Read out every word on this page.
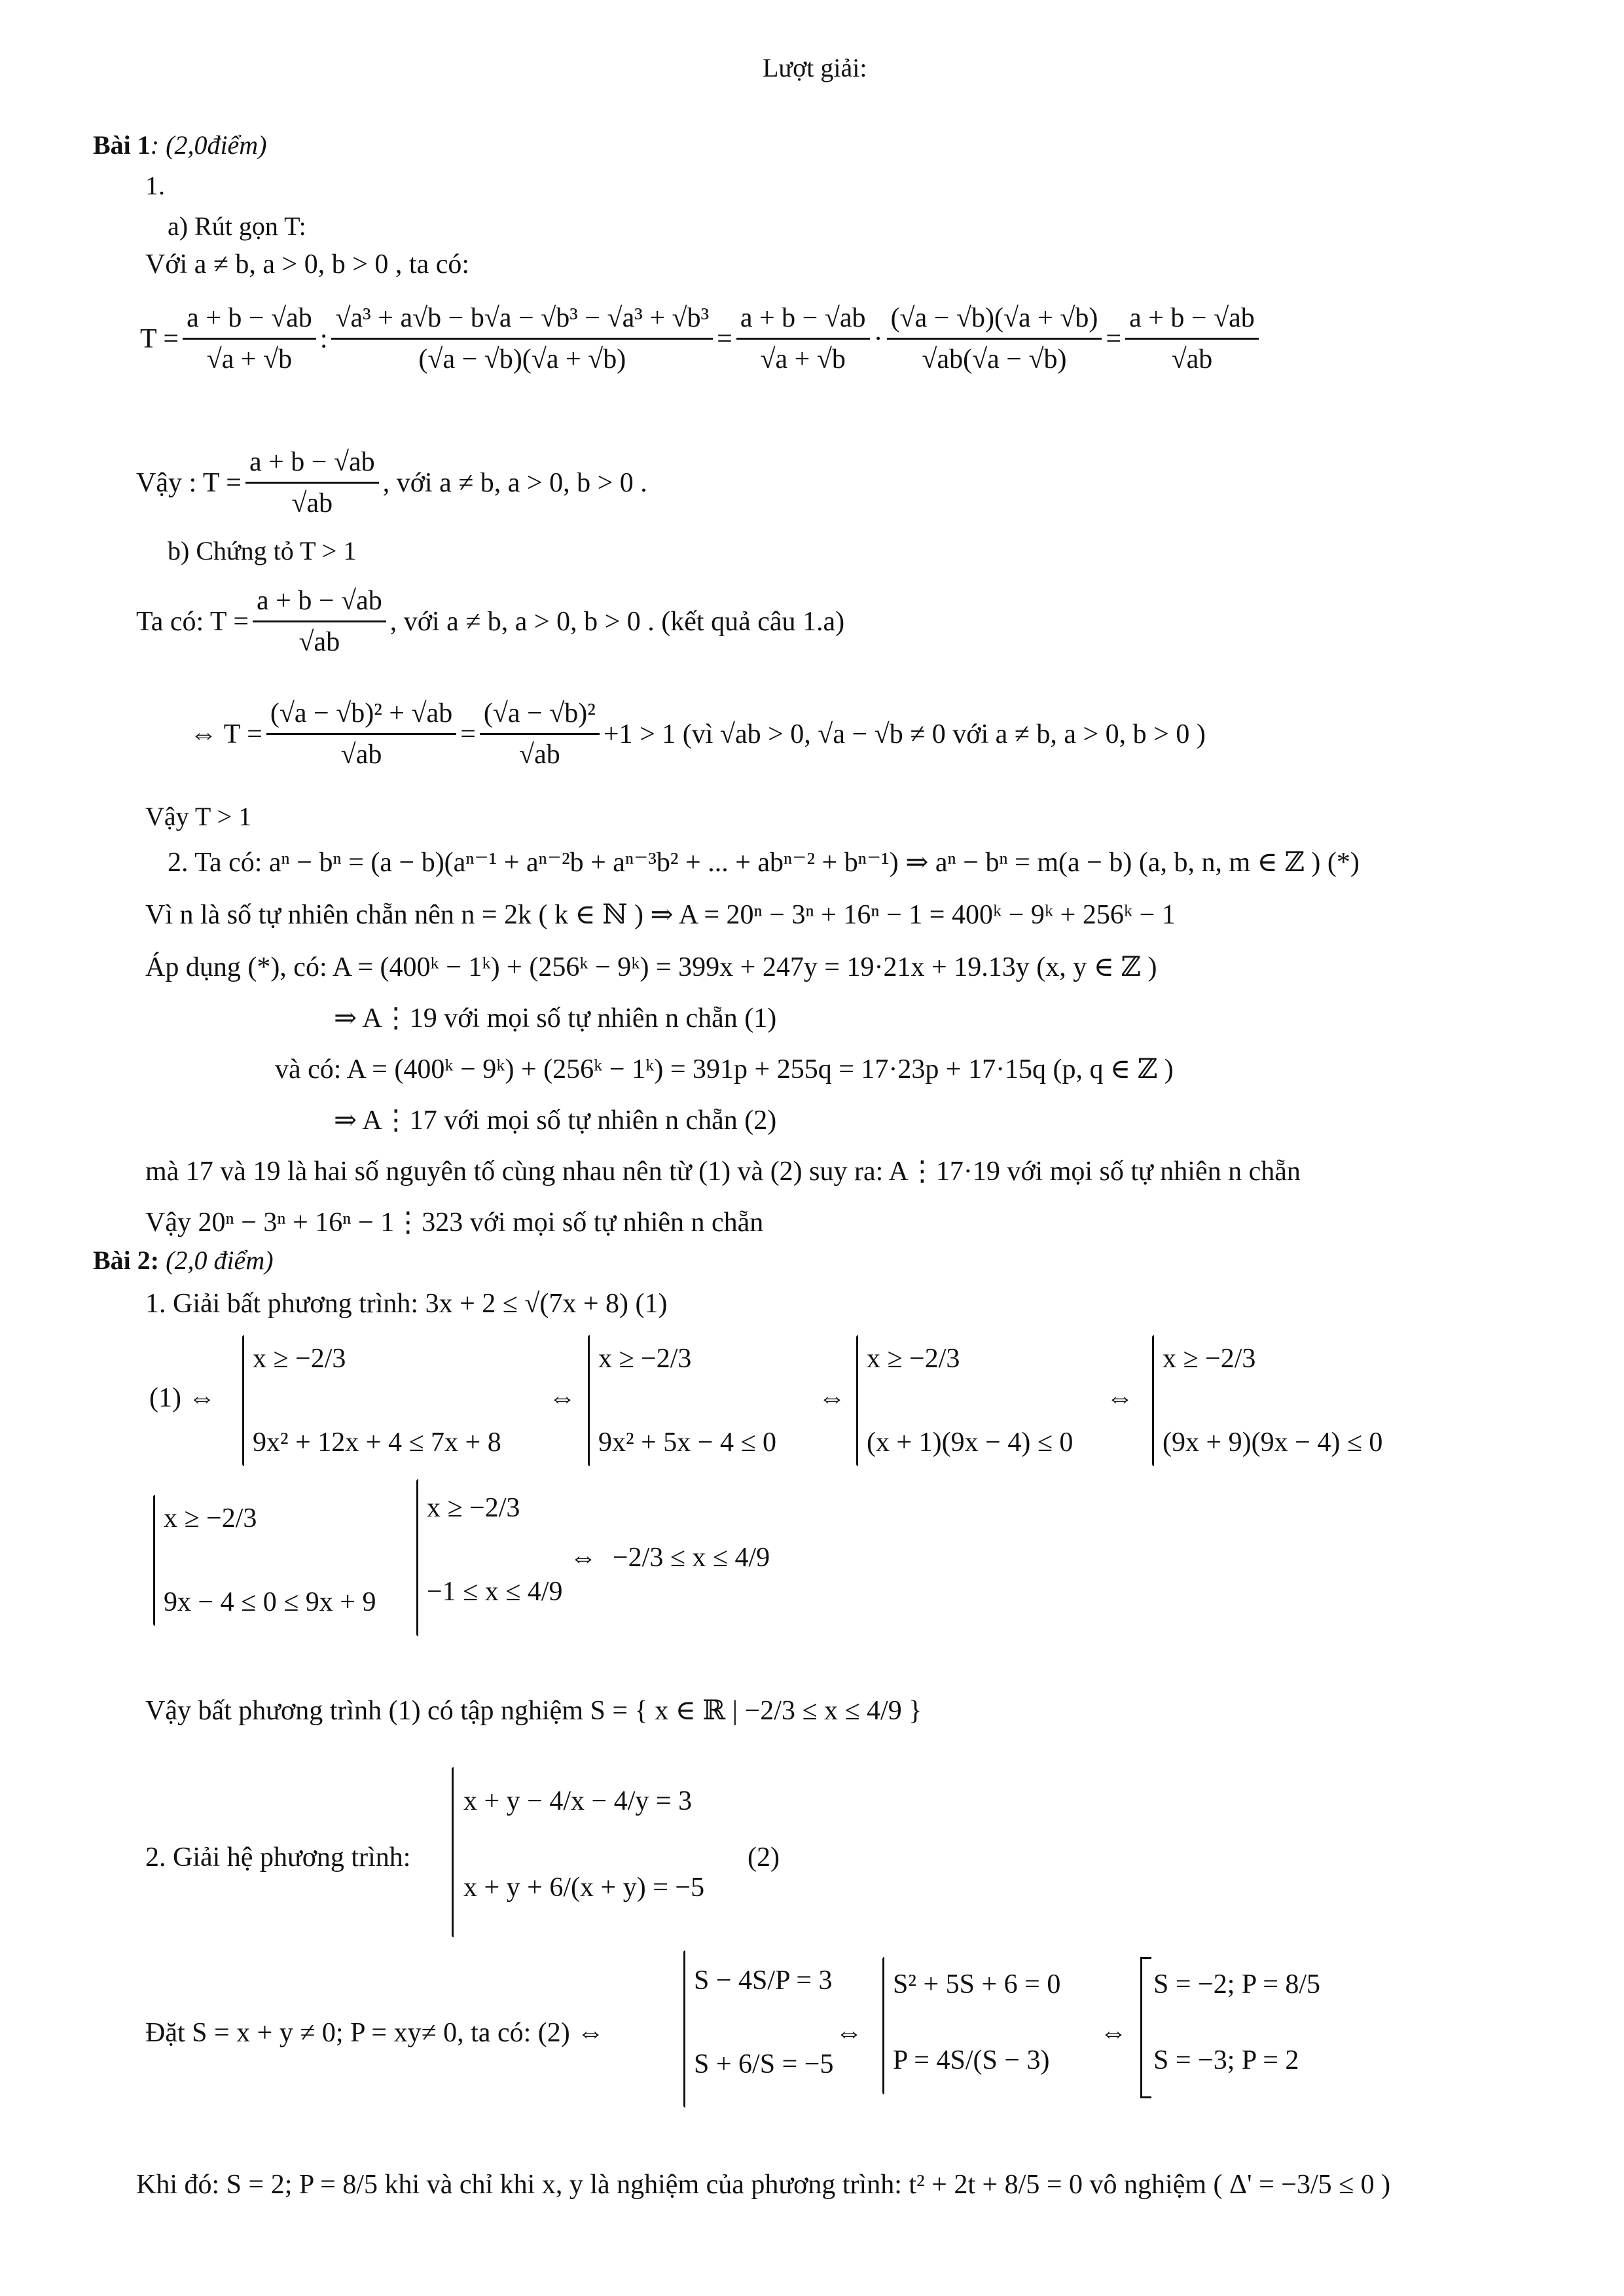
Lượt giải:
Bài 1: (2,0điểm)
1.
a) Rút gọn T:
Với a ≠ b, a > 0, b > 0 , ta có:
$T = \frac{a + b - √ab}{√a + √b}$ : $\frac{\text{√a³ + a√b − b√a − √b³ − √a³ + √b³}}{(√a - √b)(√a + √b)} = \frac{a + b - √ab}{√a + √b} \cdot \frac{(√a - √b)(√a + √b)}{√ab(√a - √b)} = \frac{a + b - √ab}{√ab}$
Vậy : $T = \frac{a + b - √ab}{√ab}$ , với a ≠ b, a > 0, b > 0 .
b) Chứng tỏ T > 1
Ta có: $T = \frac{a + b - √ab}{√ab}$ , với a ≠ b, a > 0, b > 0 . (kết quả câu 1.a)
⇔ $T = \frac{\text{(√a − √b)² + √ab}}{√ab} = \frac{\text{(√a − √b)²}}{√ab} +1 > 1$ (vì √ab > 0, √a − √b ≠ 0 với a ≠ b, a > 0, b > 0 )
Vậy T > 1
2. Ta có: aⁿ − bⁿ = (a − b)(aⁿ⁻¹ + aⁿ⁻²b + aⁿ⁻³b² + ... + abⁿ⁻² + bⁿ⁻¹) ⇒ aⁿ − bⁿ = m(a − b) (a, b, n, m ∈ ℤ ) (*)
Vì n là số tự nhiên chẵn nên n = 2k ( k ∈ ℕ ) ⇒ A = 20ⁿ − 3ⁿ + 16ⁿ − 1 = 400ᵏ − 9ᵏ + 256ᵏ − 1
Áp dụng (*), có: A = (400ᵏ − 1ᵏ) + (256ᵏ − 9ᵏ) = 399x + 247y = 19·21x + 19.13y (x, y ∈ ℤ )
⇒ A⋮19 với mọi số tự nhiên n chẵn (1)
và có: A = (400ᵏ − 9ᵏ) + (256ᵏ − 1ᵏ) = 391p + 255q = 17·23p + 17·15q (p, q ∈ ℤ )
⇒ A⋮17 với mọi số tự nhiên n chẵn (2)
mà 17 và 19 là hai số nguyên tố cùng nhau nên từ (1) và (2) suy ra: A⋮17·19 với mọi số tự nhiên n chẵn
Vậy 20ⁿ − 3ⁿ + 16ⁿ − 1⋮323 với mọi số tự nhiên n chẵn
Bài 2: (2,0 điểm)
1. Giải bất phương trình: 3x + 2 ≤ √(7x + 8) (1)
(1) ⇔
x ≥ −2/3
9x² + 12x + 4 ≤ 7x + 8
⇔
x ≥ −2/3
9x² + 5x − 4 ≤ 0
⇔
x ≥ −2/3
(x + 1)(9x − 4) ≤ 0
⇔
x ≥ −2/3
(9x + 9)(9x − 4) ≤ 0
x ≥ −2/3
9x − 4 ≤ 0 ≤ 9x + 9
x ≥ −2/3
−1 ≤ x ≤ 4/9
⇔ −2/3 ≤ x ≤ 4/9
Vậy bất phương trình (1) có tập nghiệm S = { x ∈ ℝ | −2/3 ≤ x ≤ 4/9 }
2. Giải hệ phương trình:
x + y − 4/x − 4/y = 3
x + y + 6/(x + y) = −5
(2)
Đặt S = x + y ≠ 0; P = xy≠ 0, ta có: (2) ⇔
S − 4S/P = 3
S + 6/S = −5
⇔
S² + 5S + 6 = 0
P = 4S/(S − 3)
⇔
S = −2; P = 8/5
S = −3; P = 2
Khi đó: S = 2; P = 8/5 khi và chỉ khi x, y là nghiệm của phương trình: t² + 2t + 8/5 = 0 vô nghiệm ( Δ' = −3/5 ≤ 0 )
